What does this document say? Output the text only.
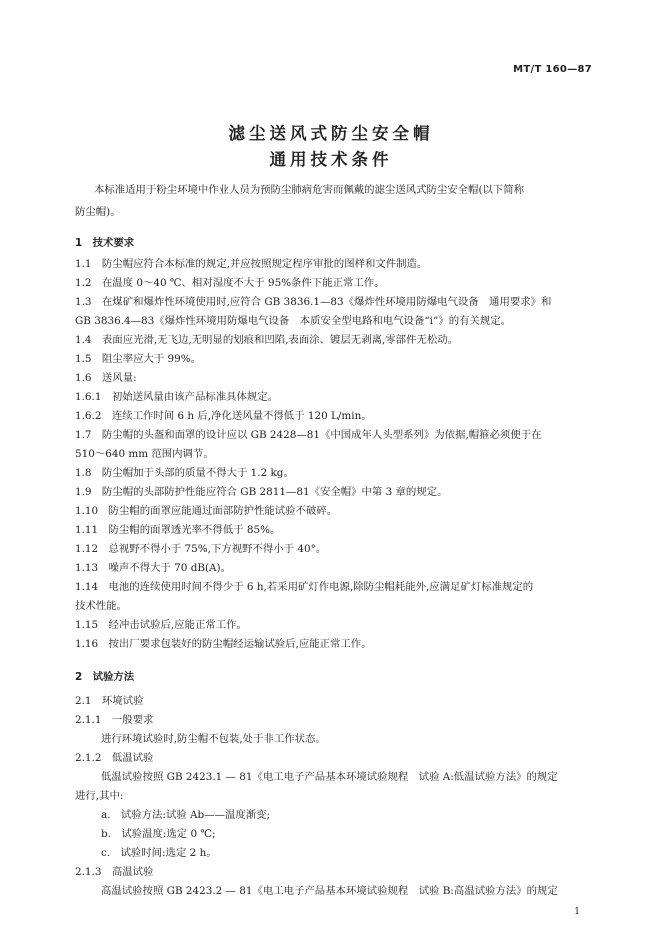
MT/T 160—87
滤尘送风式防尘安全帽
通用技术条件
本标准适用于粉尘环境中作业人员为预防尘肺病危害而佩戴的滤尘送风式防尘安全帽(以下简称
防尘帽)。
1　技术要求
1.1　防尘帽应符合本标准的规定,并应按照规定程序审批的图样和文件制造。
1.2　在温度 0～40 ℃、相对湿度不大于 95%条件下能正常工作。
1.3　在煤矿和爆炸性环境使用时,应符合 GB 3836.1—83《爆炸性环境用防爆电气设备　通用要求》和
GB 3836.4—83《爆炸性环境用防爆电气设备　本质安全型电路和电气设备“i”》的有关规定。
1.4　表面应光滑,无飞边,无明显的划痕和凹陷,表面涂、镀层无剥离,零部件无松动。
1.5　阻尘率应大于 99%。
1.6　送风量:
1.6.1　初始送风量由该产品标准具体规定。
1.6.2　连续工作时间 6 h 后,净化送风量不得低于 120 L/min。
1.7　防尘帽的头盔和面罩的设计应以 GB 2428—81《中国成年人头型系列》为依据,帽箍必须便于在
510～640 mm 范围内调节。
1.8　防尘帽加于头部的质量不得大于 1.2 kg。
1.9　防尘帽的头部防护性能应符合 GB 2811—81《安全帽》中第 3 章的规定。
1.10　防尘帽的面罩应能通过面部防护性能试验不破碎。
1.11　防尘帽的面罩透光率不得低于 85%。
1.12　总视野不得小于 75%,下方视野不得小于 40°。
1.13　噪声不得大于 70 dB(A)。
1.14　电池的连续使用时间不得少于 6 h,若采用矿灯作电源,除防尘帽耗能外,应满足矿灯标准规定的
技术性能。
1.15　经冲击试验后,应能正常工作。
1.16　按出厂要求包装好的防尘帽经运输试验后,应能正常工作。
2　试验方法
2.1　环境试验
2.1.1　一般要求
进行环境试验时,防尘帽不包装,处于非工作状态。
2.1.2　低温试验
低温试验按照 GB 2423.1 — 81《电工电子产品基本环境试验规程　试验 A:低温试验方法》的规定
进行,其中:
a.　试验方法:试验 Ab——温度渐变;
b.　试验温度:选定 0 ℃;
c.　试验时间:选定 2 h。
2.1.3　高温试验
高温试验按照 GB 2423.2 — 81《电工电子产品基本环境试验规程　试验 B:高温试验方法》的规定
1
